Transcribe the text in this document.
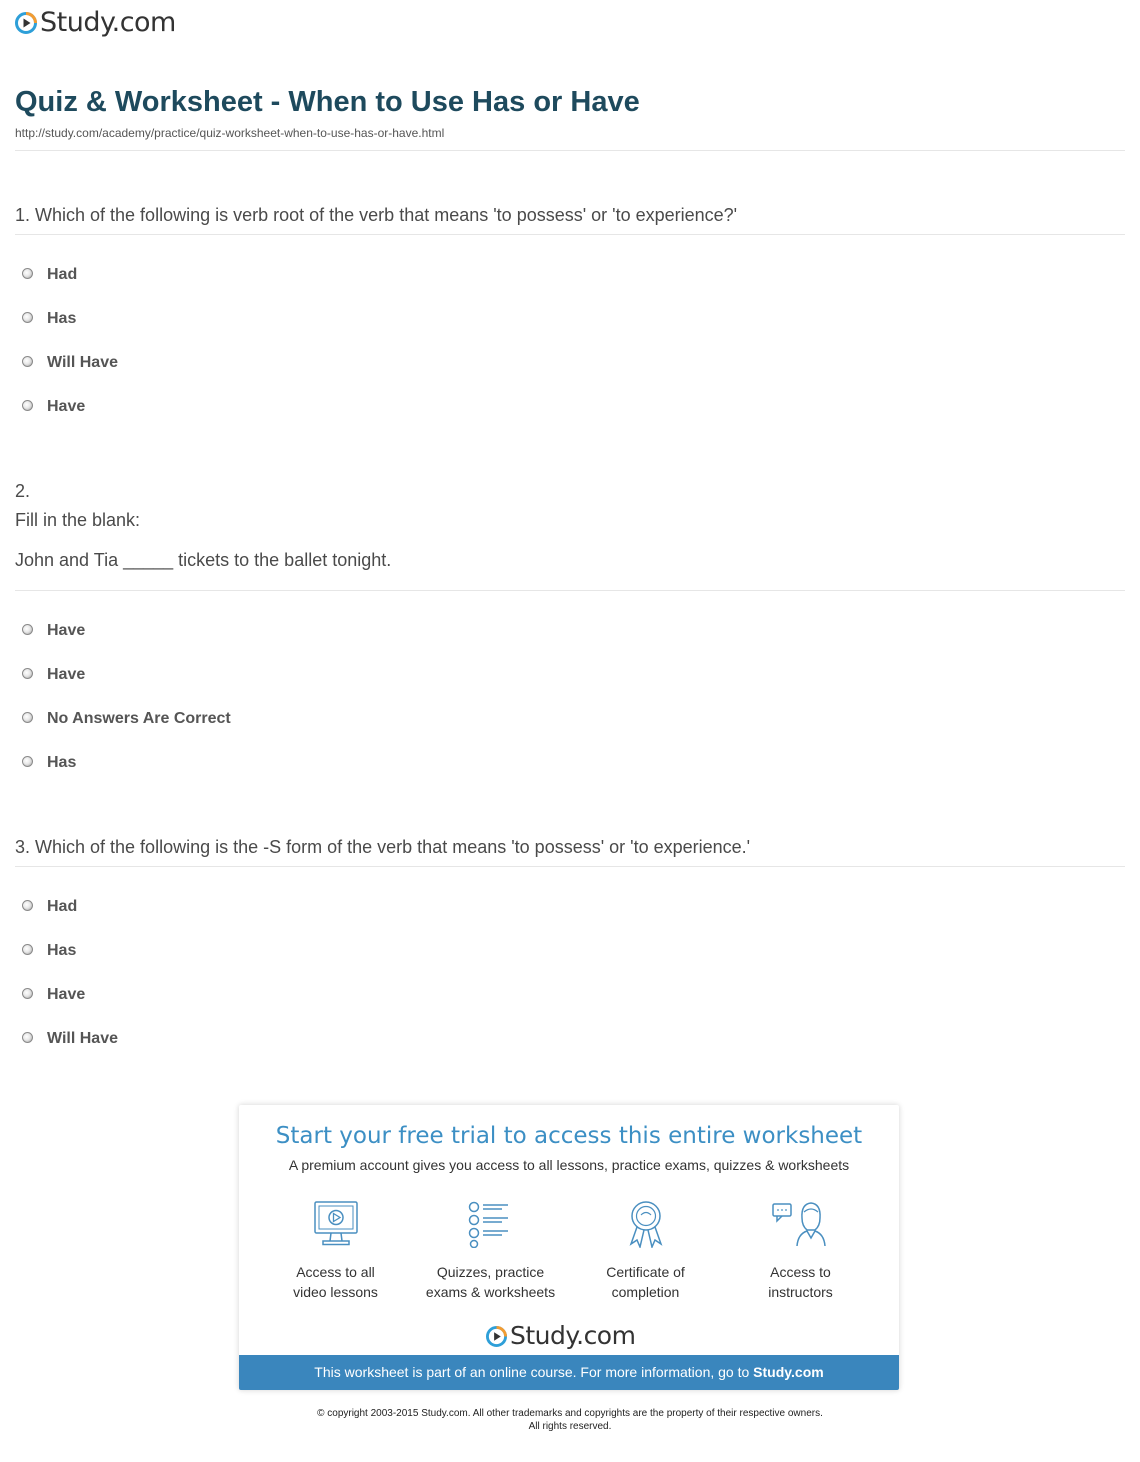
Study.com
Quiz & Worksheet - When to Use Has or Have
http://study.com/academy/practice/quiz-worksheet-when-to-use-has-or-have.html
1. Which of the following is verb root of the verb that means 'to possess' or 'to experience?'
Had
Has
Will Have
Have
2.
Fill in the blank:
John and Tia _____ tickets to the ballet tonight.
Have
Have
No Answers Are Correct
Has
3. Which of the following is the -S form of the verb that means 'to possess' or 'to experience.'
Had
Has
Have
Will Have
Start your free trial to access this entire worksheet
A premium account gives you access to all lessons, practice exams, quizzes & worksheets
Access to all
video lessons
Quizzes, practice
exams & worksheets
Certificate of
completion
Access to
instructors
Study.com
This worksheet is part of an online course. For more information, go to Study.com
© copyright 2003-2015 Study.com. All other trademarks and copyrights are the property of their respective owners.
All rights reserved.
